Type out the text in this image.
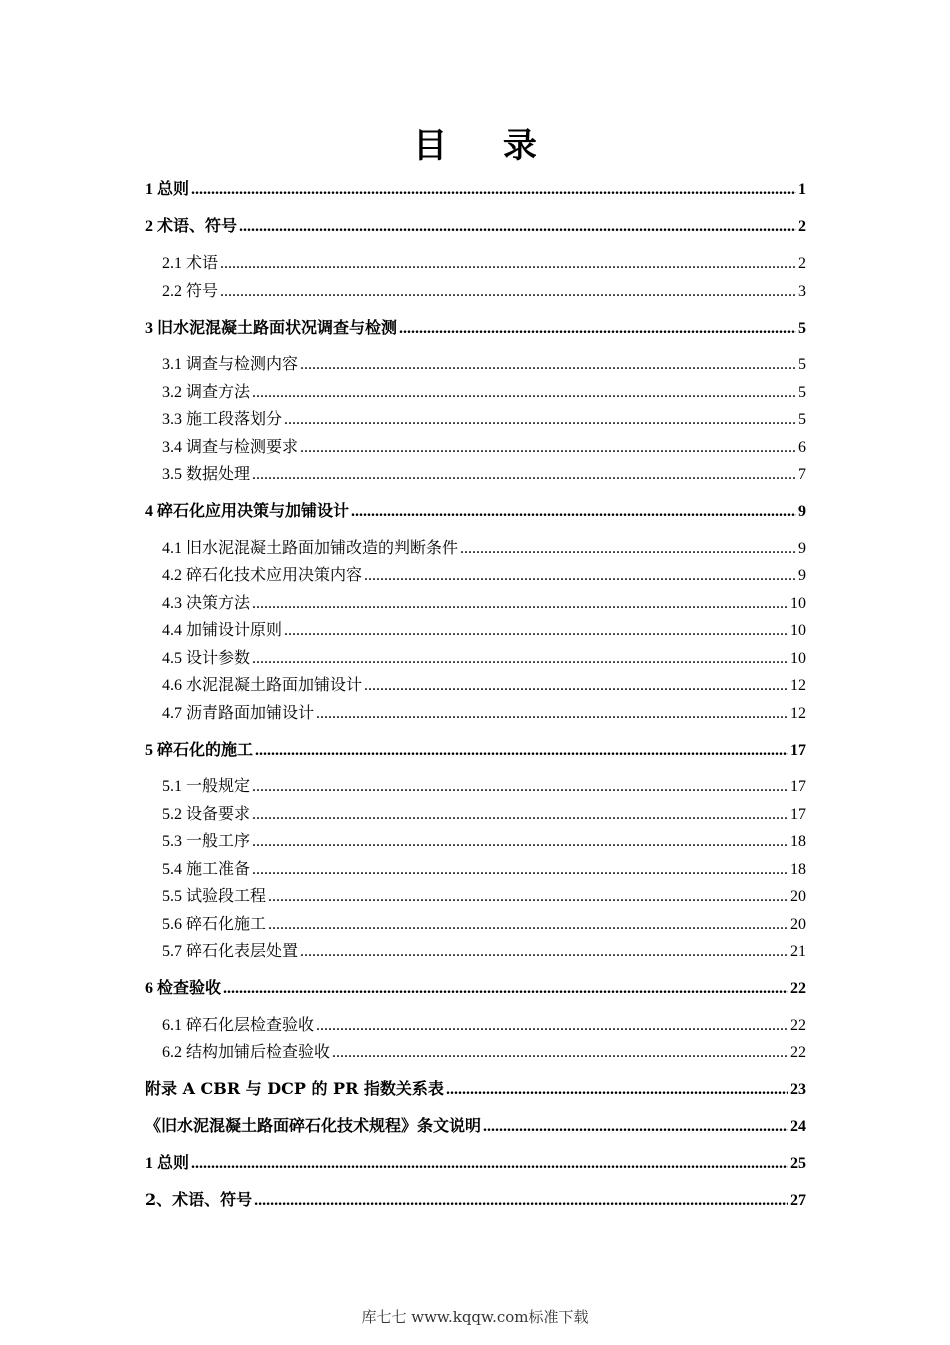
目 录
1 总则 .....	1
2 术语、符号 .....	2
2.1 术语 .....	2
2.2 符号 .....	3
3 旧水泥混凝土路面状况调查与检测 .....	5
3.1 调查与检测内容 .....	5
3.2 调查方法 .....	5
3.3 施工段落划分 .....	5
3.4 调查与检测要求 .....	6
3.5 数据处理 .....	7
4 碎石化应用决策与加铺设计 .....	9
4.1 旧水泥混凝土路面加铺改造的判断条件 .....	9
4.2 碎石化技术应用决策内容 .....	9
4.3 决策方法 .....	10
4.4 加铺设计原则 .....	10
4.5 设计参数 .....	10
4.6 水泥混凝土路面加铺设计 .....	12
4.7 沥青路面加铺设计 .....	12
5 碎石化的施工 .....	17
5.1 一般规定 .....	17
5.2 设备要求 .....	17
5.3 一般工序 .....	18
5.4 施工准备 .....	18
5.5 试验段工程 .....	20
5.6 碎石化施工 .....	20
5.7 碎石化表层处置 .....	21
6 检查验收 .....	22
6.1 碎石化层检查验收 .....	22
6.2 结构加铺后检查验收 .....	22
附录 A CBR 与 DCP 的 PR 指数关系表 .....	23
《旧水泥混凝土路面碎石化技术规程》条文说明 .....	24
1 总则 .....	25
2、术语、符号 .....	27
库七七 www.kqqw.com标准下载
